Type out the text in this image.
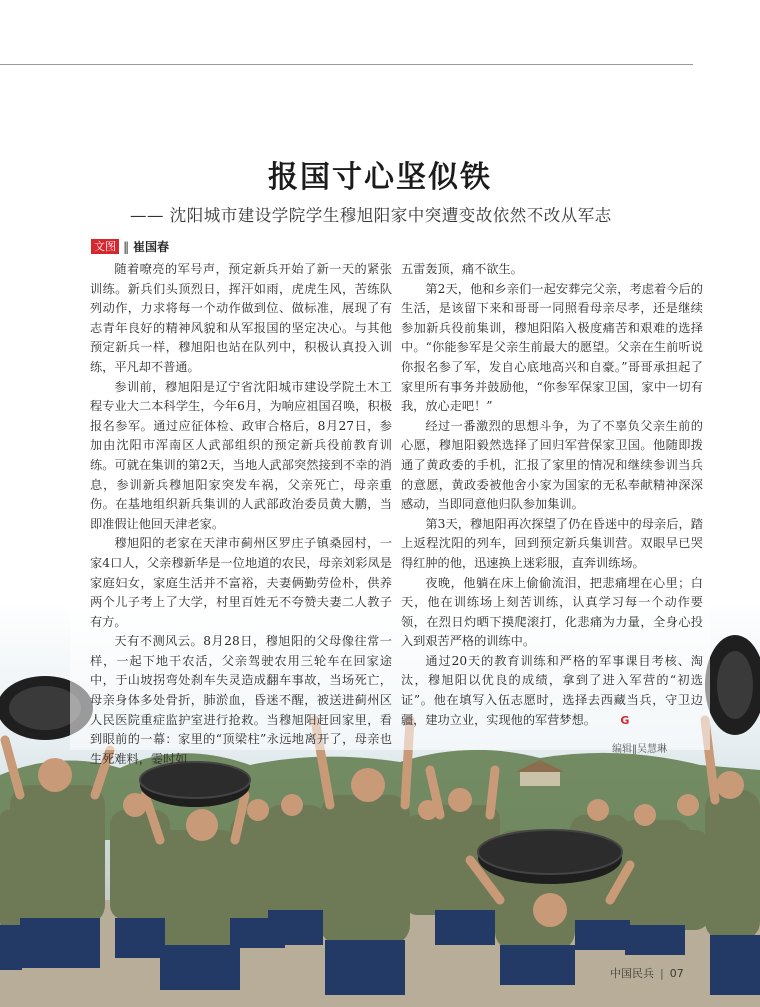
报国寸心坚似铁
—— 沈阳城市建设学院学生穆旭阳家中突遭变故依然不改从军志
文图 ‖ 崔国春

随着嘹亮的军号声，预定新兵开始了新一天的紧张训练。新兵们头顶烈日，挥汗如雨，虎虎生风，苦练队列动作，力求将每一个动作做到位、做标准，展现了有志青年良好的精神风貌和从军报国的坚定决心。与其他预定新兵一样，穆旭阳也站在队列中，积极认真投入训练，平凡却不普通。

参训前，穆旭阳是辽宁省沈阳城市建设学院土木工程专业大二本科学生，今年6月，为响应祖国召唤，积极报名参军。通过应征体检、政审合格后，8月27日，参加由沈阳市浑南区人武部组织的预定新兵役前教育训练。可就在集训的第2天，当地人武部突然接到不幸的消息，参训新兵穆旭阳家突发车祸，父亲死亡，母亲重伤。在基地组织新兵集训的人武部政治委员黄大鹏，当即准假让他回天津老家。

穆旭阳的老家在天津市蓟州区罗庄子镇桑园村，一家4口人，父亲穆新华是一位地道的农民，母亲刘彩凤是家庭妇女，家庭生活并不富裕，夫妻俩勤劳俭朴，供养两个儿子考上了大学，村里百姓无不夸赞夫妻二人教子有方。

天有不测风云。8月28日，穆旭阳的父母像往常一样，一起下地干农活，父亲驾驶农用三轮车在回家途中，于山坡拐弯处刹车失灵造成翻车事故，当场死亡，母亲身体多处骨折，肺淤血，昏迷不醒，被送进蓟州区人民医院重症监护室进行抢救。当穆旭阳赶回家里，看到眼前的一幕：家里的“顶梁柱”永远地离开了，母亲也生死难料，霎时如

五雷轰顶，痛不欲生。

第2天，他和乡亲们一起安葬完父亲，考虑着今后的生活，是该留下来和哥哥一同照看母亲尽孝，还是继续参加新兵役前集训，穆旭阳陷入极度痛苦和艰难的选择中。“你能参军是父亲生前最大的愿望。父亲在生前听说你报名参了军，发自心底地高兴和自豪。”哥哥承担起了家里所有事务并鼓励他，“你参军保家卫国，家中一切有我，放心走吧！”

经过一番激烈的思想斗争，为了不辜负父亲生前的心愿，穆旭阳毅然选择了回归军营保家卫国。他随即拨通了黄政委的手机，汇报了家里的情况和继续参训当兵的意愿，黄政委被他舍小家为国家的无私奉献精神深深感动，当即同意他归队参加集训。

第3天，穆旭阳再次探望了仍在昏迷中的母亲后，踏上返程沈阳的列车，回到预定新兵集训营。双眼早已哭得红肿的他，迅速换上迷彩服，直奔训练场。

夜晚，他躺在床上偷偷流泪，把悲痛埋在心里；白天，他在训练场上刻苦训练，认真学习每一个动作要领，在烈日灼晒下摸爬滚打，化悲痛为力量，全身心投入到艰苦严格的训练中。

通过20天的教育训练和严格的军事课目考核、淘汰，穆旭阳以优良的成绩，拿到了进入军营的“初选证”。他在填写入伍志愿时，选择去西藏当兵，守卫边疆，建功立业，实现他的军营梦想。 G

编辑‖吴慧琳
中国民兵 | 07
